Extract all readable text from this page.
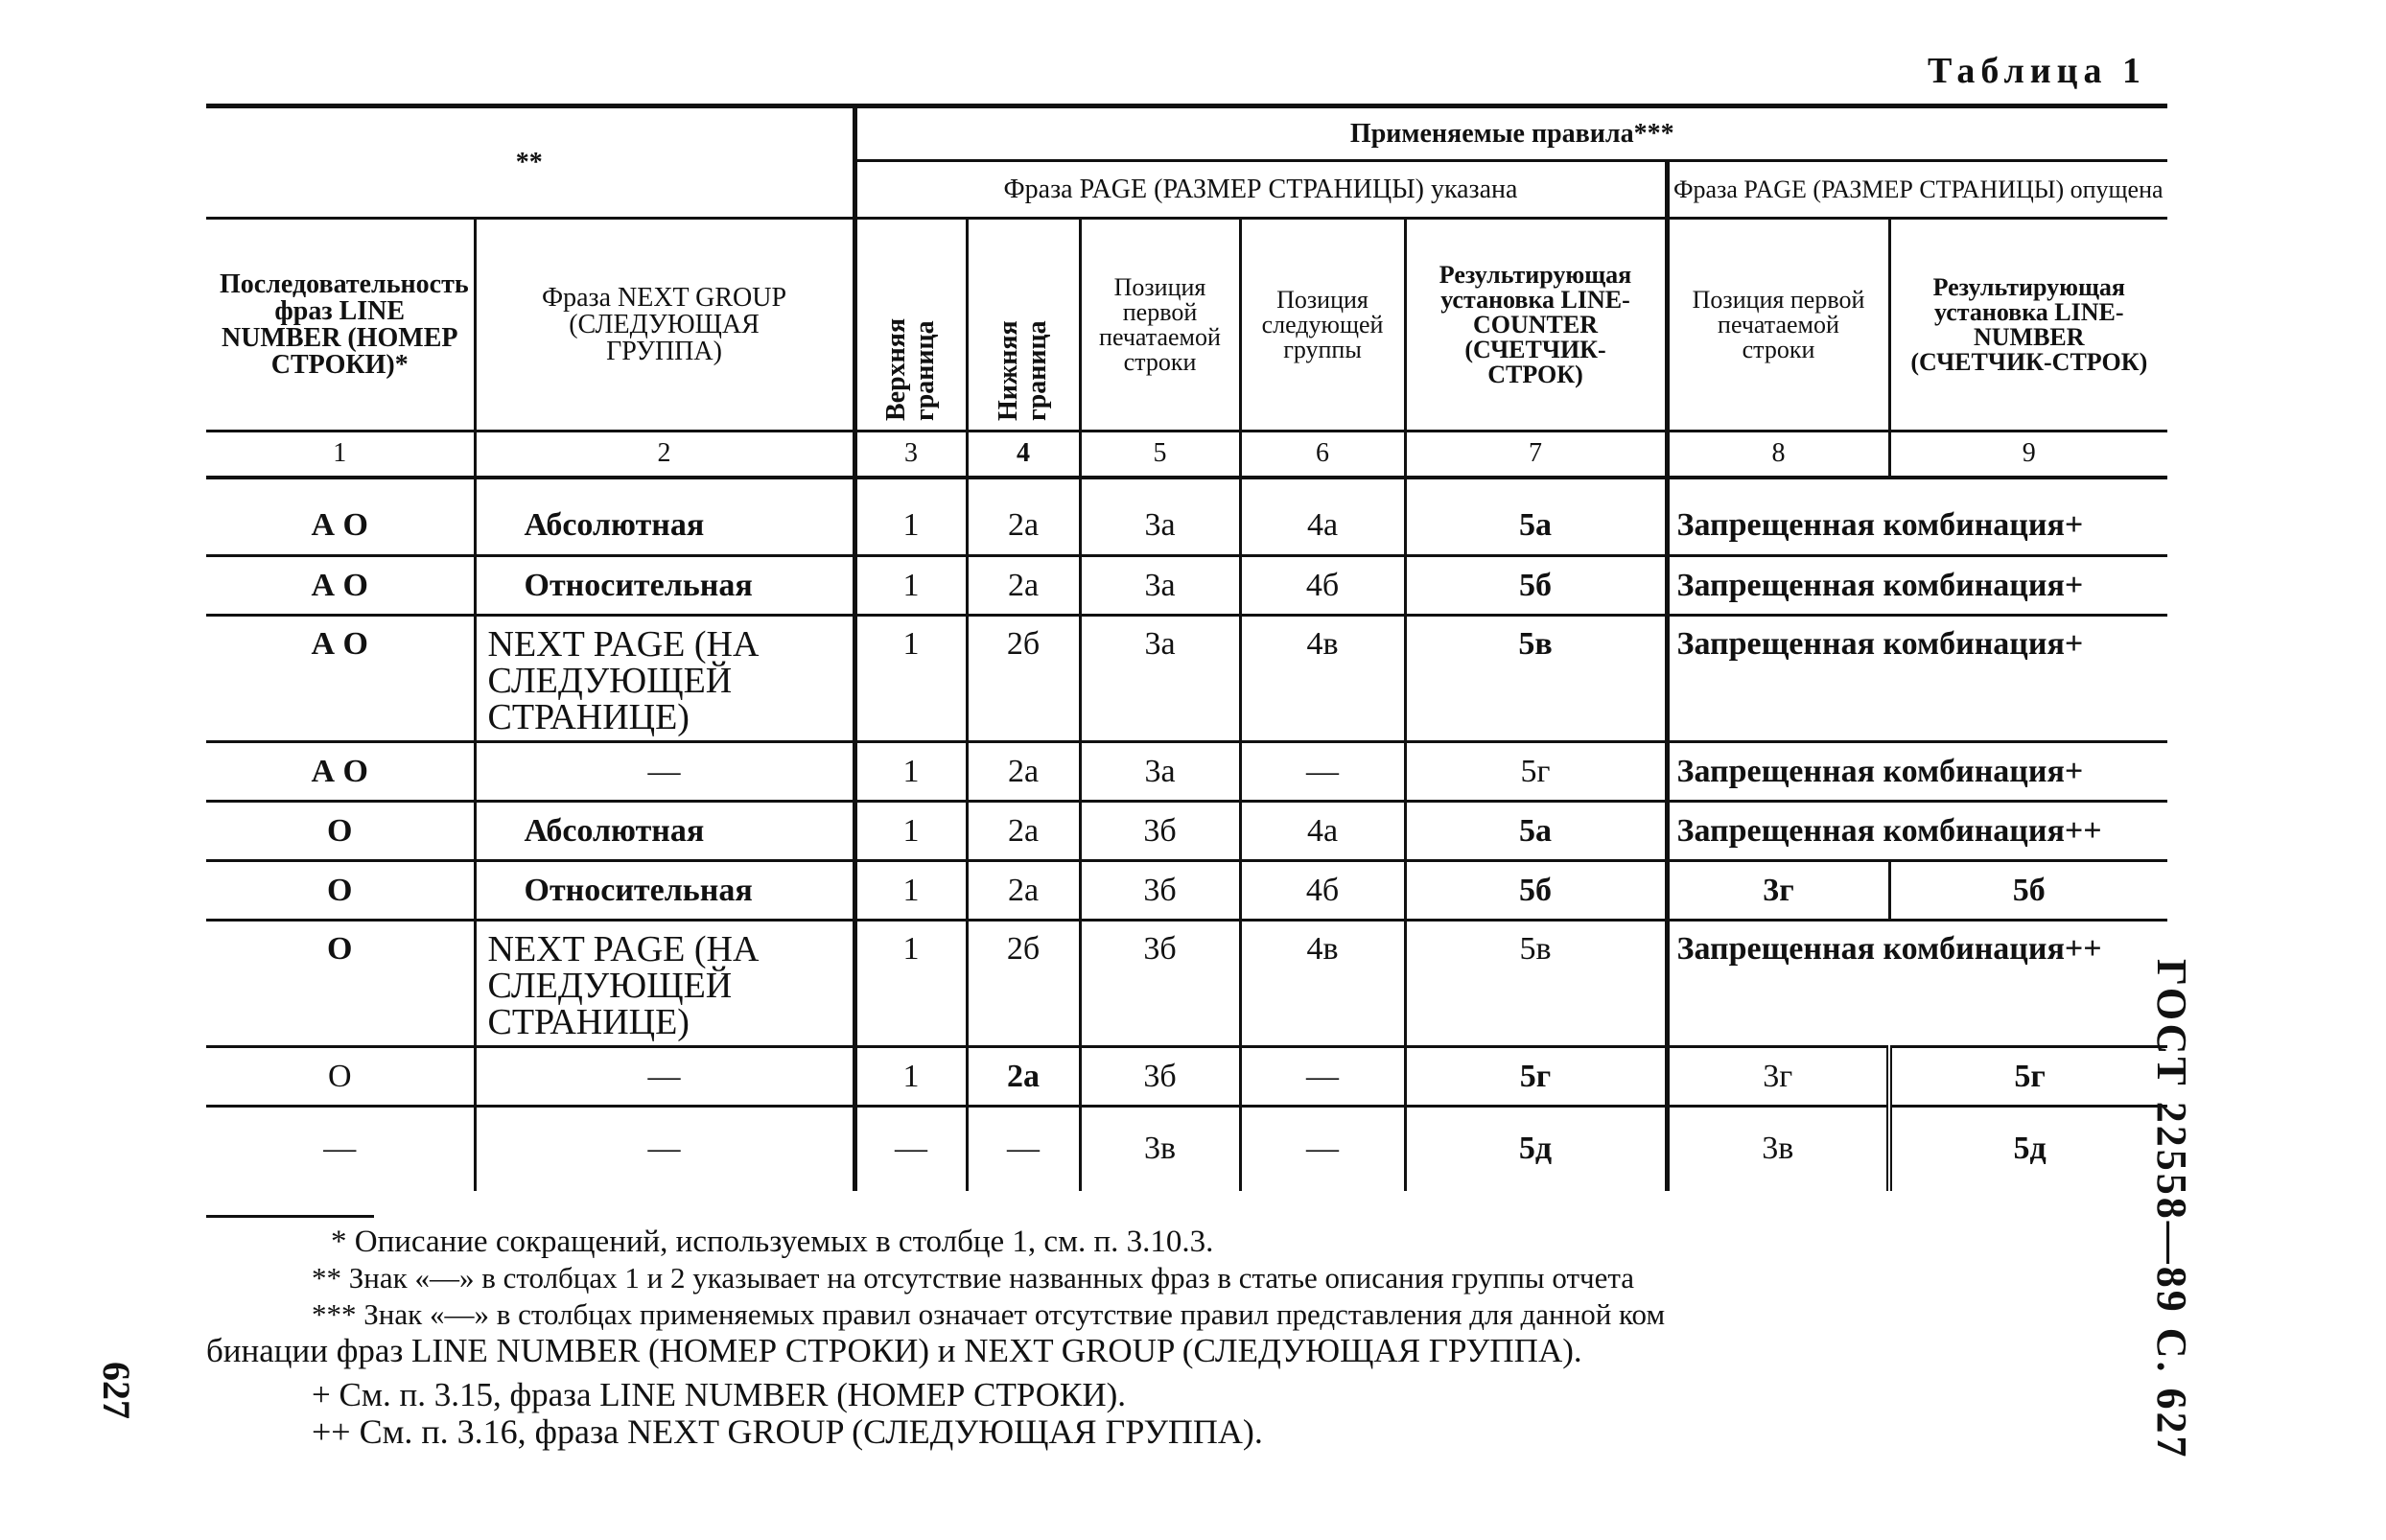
Таблица 1
**		Применяемые правила***						
		Фраза PAGE (РАЗМЕР СТРАНИЦЫ) указана					Фраза PAGE (РАЗМЕР СТРАНИЦЫ) опущена	
Последовательность фраз LINE NUMBER (НОМЕР СТРОКИ)*	Фраза NEXT GROUP (СЛЕДУЮЩАЯ ГРУППА)	Верхняя граница	Нижняя граница	Позиция первой печатаемой строки	Позиция следующей группы	Результирующая установка LINE-COUNTER (СЧЕТЧИК-СТРОК)	Позиция первой печатаемой строки	Результирующая установка LINE-NUMBER (СЧЕТЧИК-СТРОК)
1	2	3	4	5	6	7	8	9

А О	Абсолютная	1	2а	3а	4а	5а	Запрещенная комбинация+	
А О	Относительная	1	2а	3а	4б	5б	Запрещенная комбинация+	
А О	NEXT PAGE (НА СЛЕДУЮЩЕЙ СТРАНИЦЕ)	1	2б	3а	4в	5в	Запрещенная комбинация+	
А О	—	1	2а	3а	—	5г	Запрещенная комбинация+	
О	Абсолютная	1	2а	3б	4а	5а	Запрещенная комбинация++	
О	Относительная	1	2а	3б	4б	5б	3г	5б
О	NEXT PAGE (НА СЛЕДУЮЩЕЙ СТРАНИЦЕ)	1	2б	3б	4в	5в	Запрещенная комбинация++	
О	—	1	2а	3б	—	5г	3г	5г
—	—	—	—	3в	—	5д	3в	5д
* Описание сокращений, используемых в столбце 1, см. п. 3.10.3.
** Знак «—» в столбцах 1 и 2 указывает на отсутствие названных фраз в статье описания группы отчета
*** Знак «—» в столбцах применяемых правил означает отсутствие правил представления для данной ком
бинации фраз LINE NUMBER (НОМЕР СТРОКИ) и NEXT GROUP (СЛЕДУЮЩАЯ ГРУППА).
+ См. п. 3.15, фраза LINE NUMBER (НОМЕР СТРОКИ).
++ См. п. 3.16, фраза NEXT GROUP (СЛЕДУЮЩАЯ ГРУППА).	ГОСТ 22558—89 С. 627
627
